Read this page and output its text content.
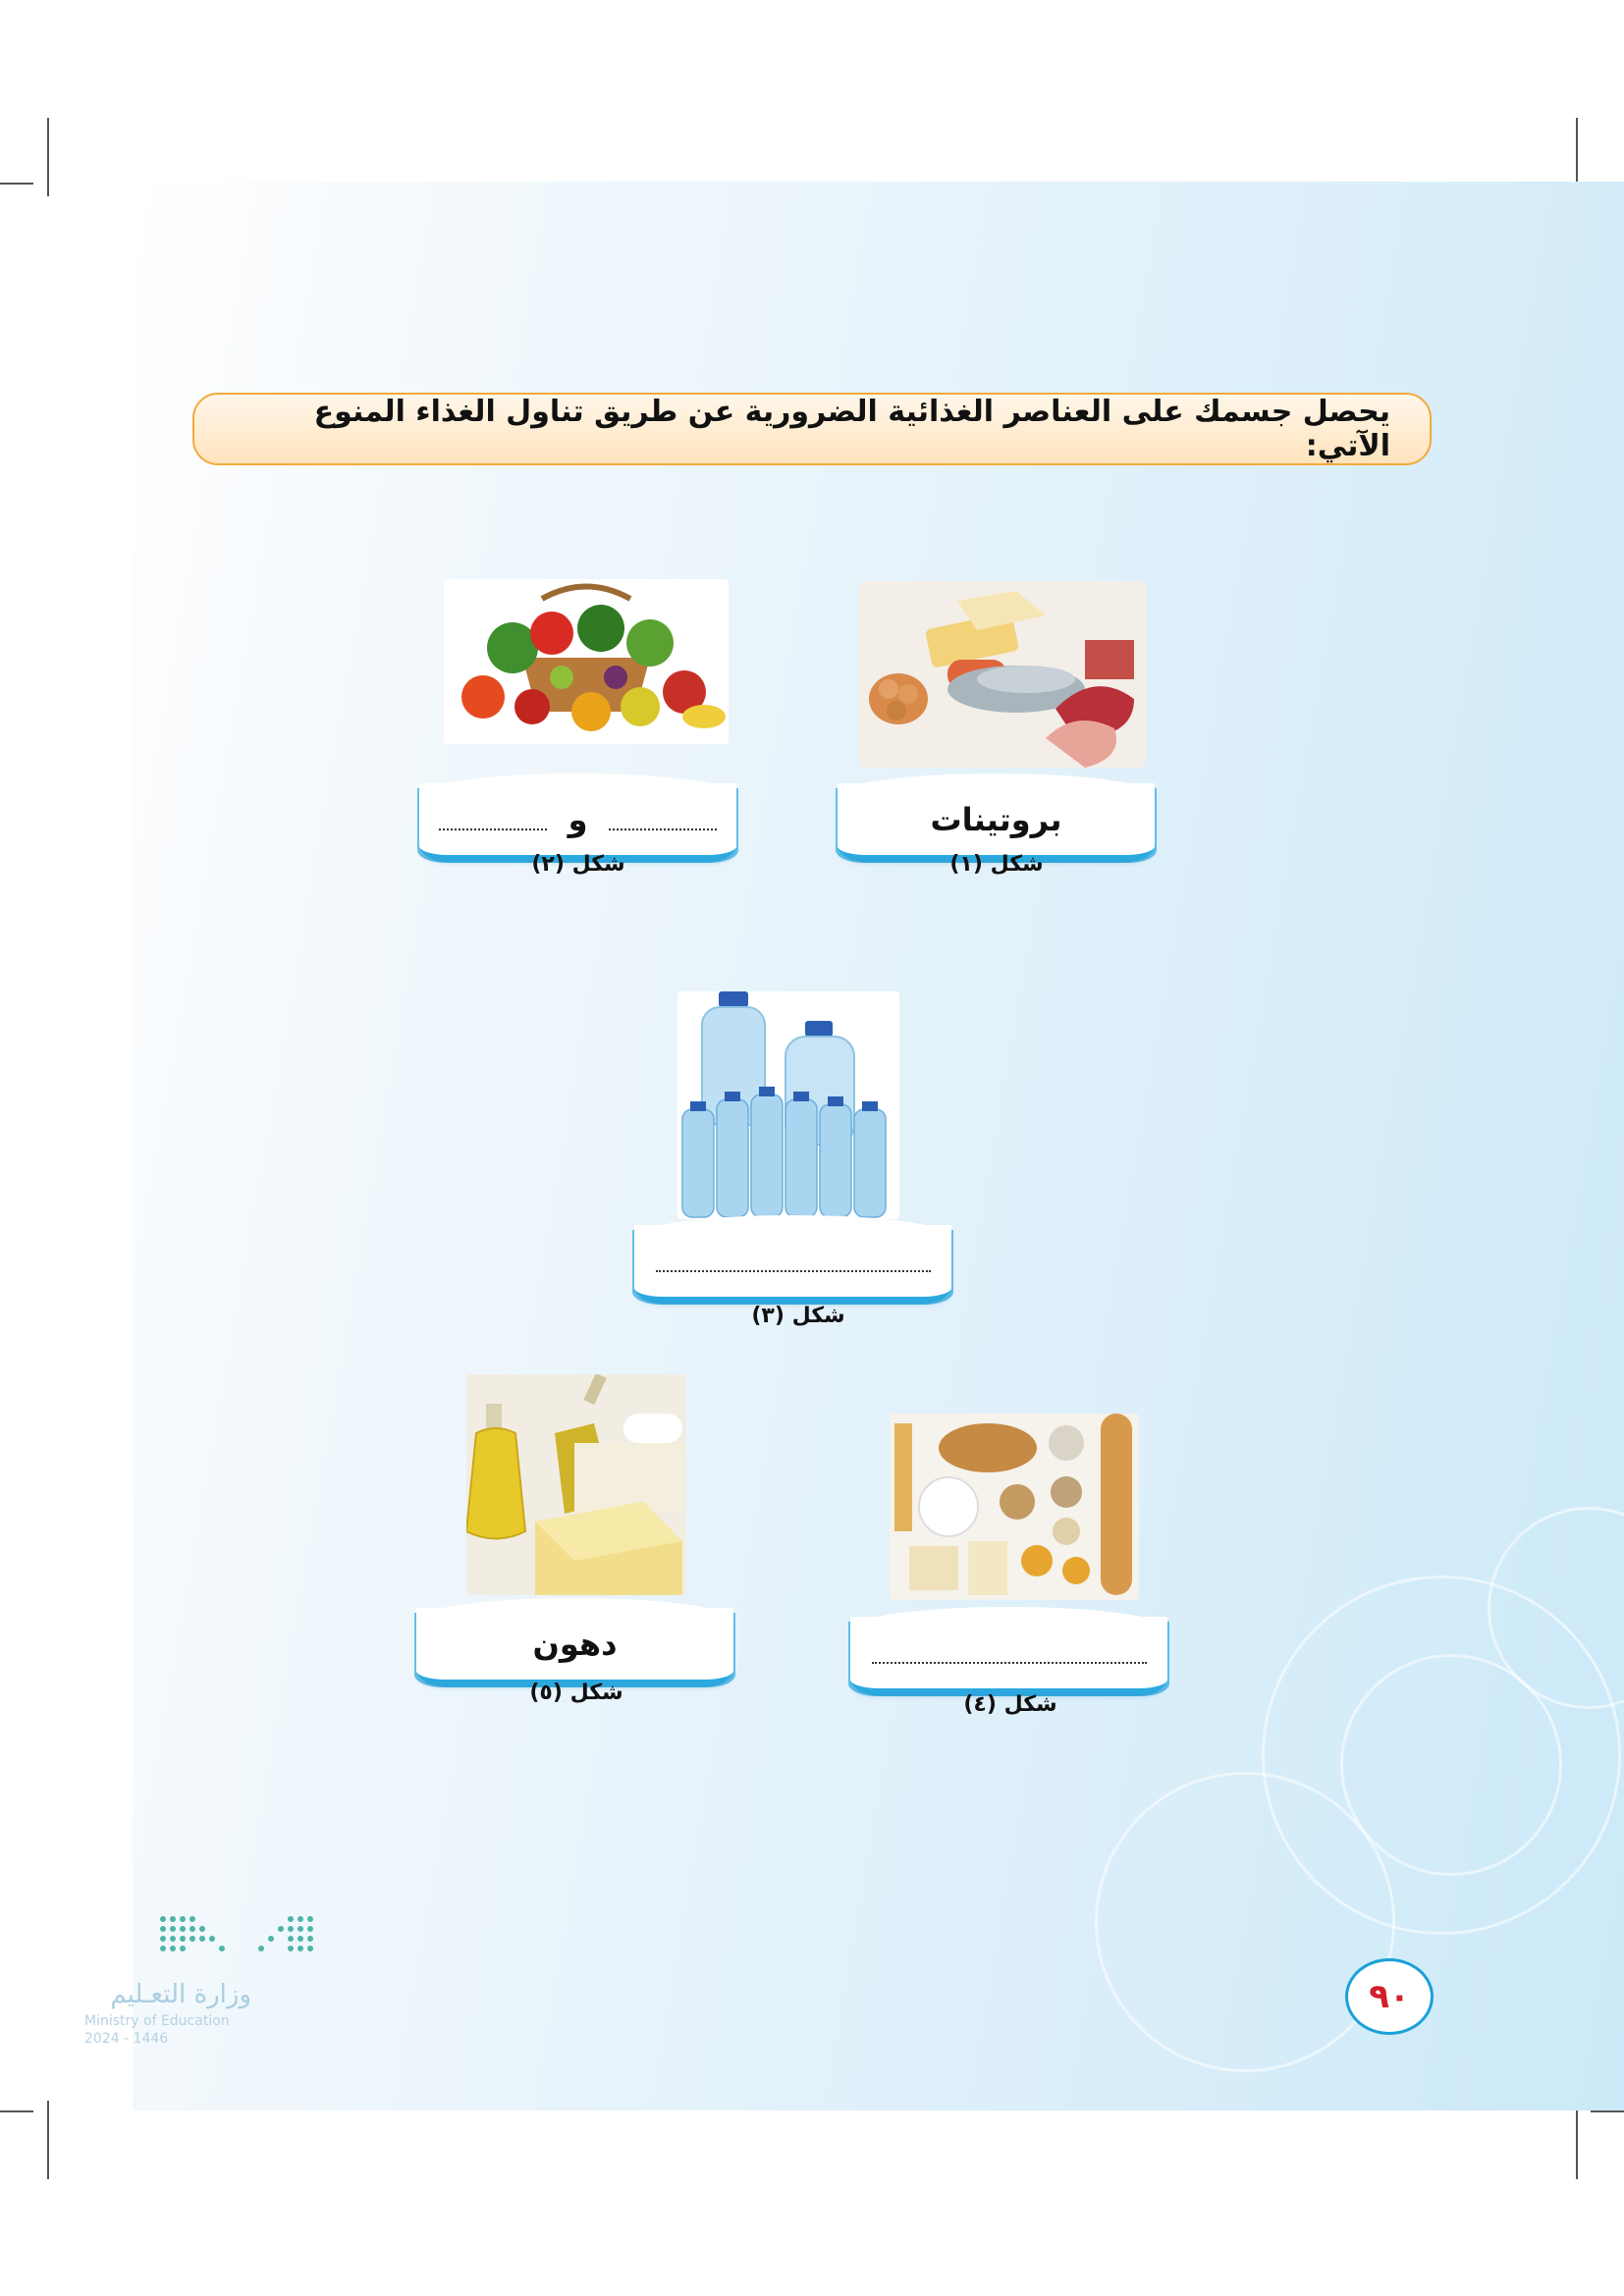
يحصل جسمك على العناصر الغذائية الضرورية عن طريق تناول الغذاء المنوع الآتي:
بروتينات
شكل (١)
و
شكل (٢)
شكل (٣)
شكل (٤)
دهون
شكل (٥)
وزارة التعـليم
Ministry of Education
2024 - 1446
٩٠
